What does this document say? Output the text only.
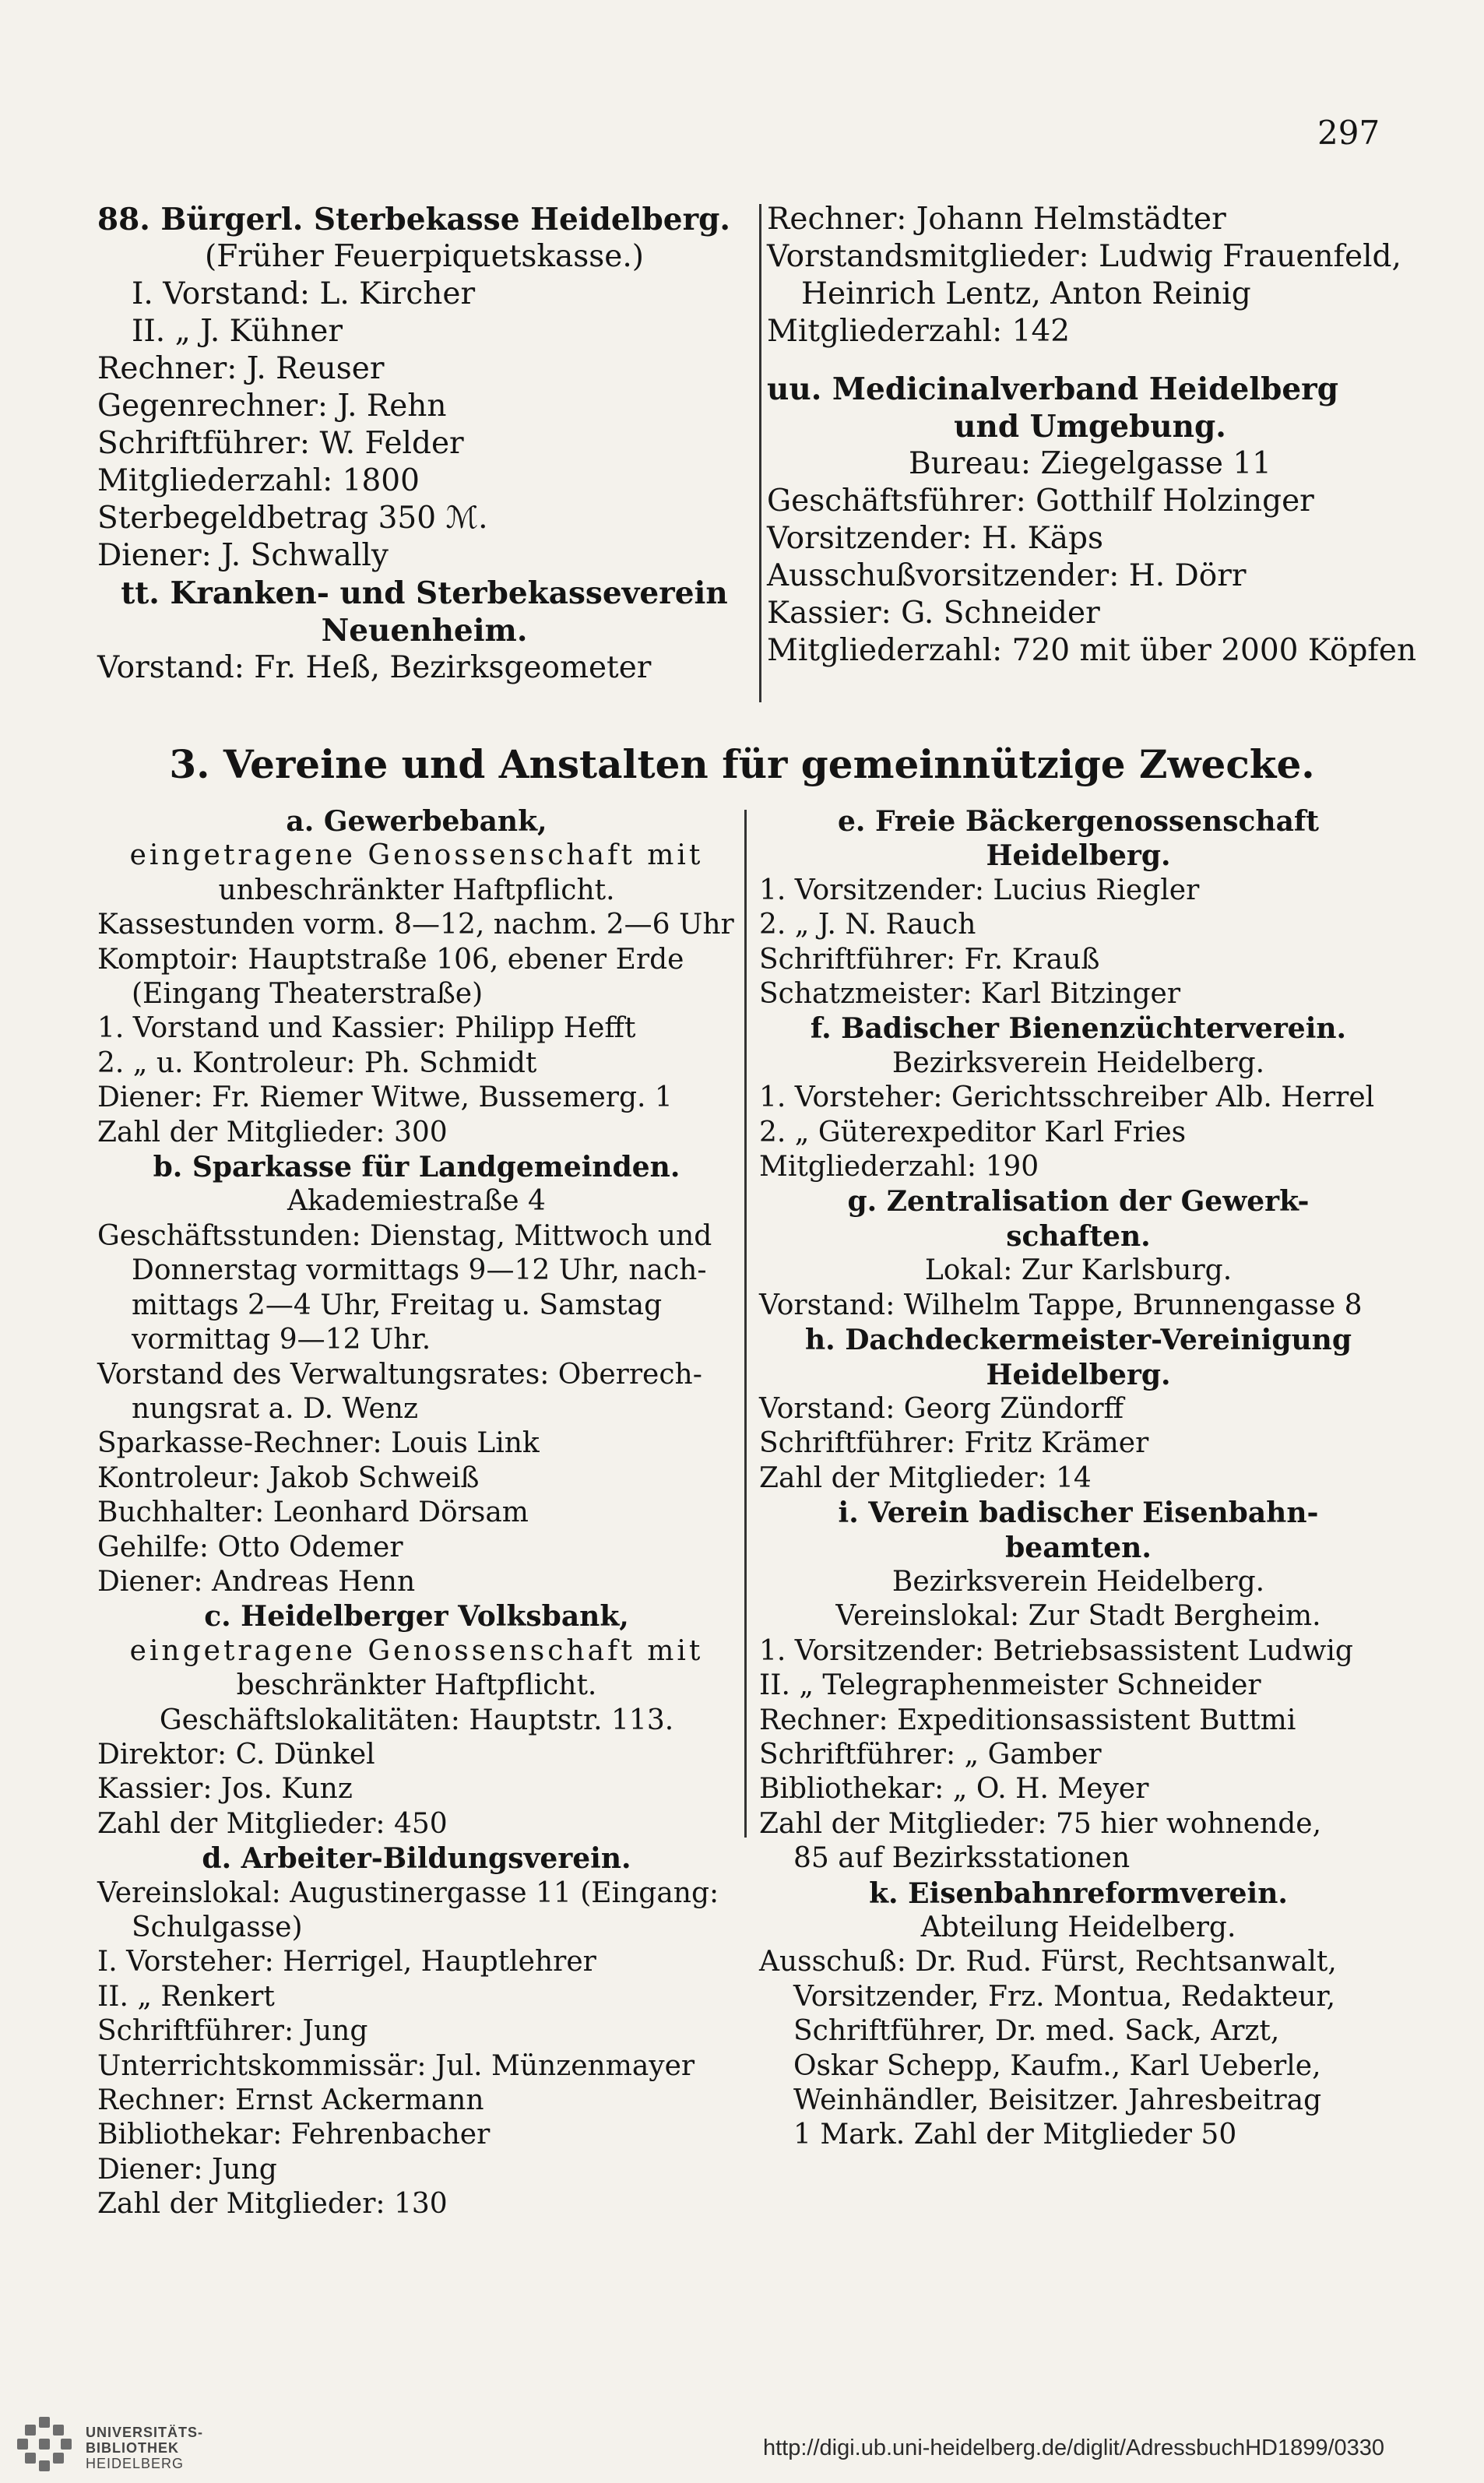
297

88. Bürgerl. Sterbekasse Heidelberg.

(Früher Feuerpiquetskasse.)

I. Vorstand: L. Kircher

II. „ J. Kühner

Rechner: J. Reuser

Gegenrechner: J. Rehn

Schriftführer: W. Felder

Mitgliederzahl: 1800

Sterbegeldbetrag 350 ℳ.

Diener: J. Schwally

tt. Kranken- und Sterbekasseverein

Neuenheim.

Vorstand: Fr. Heß, Bezirksgeometer

Rechner: Johann Helmstädter

Vorstandsmitglieder: Ludwig Frauenfeld,

Heinrich Lentz, Anton Reinig

Mitgliederzahl: 142

uu. Medicinalverband Heidelberg

und Umgebung.

Bureau: Ziegelgasse 11

Geschäftsführer: Gotthilf Holzinger

Vorsitzender: H. Käps

Ausschußvorsitzender: H. Dörr

Kassier: G. Schneider

Mitgliederzahl: 720 mit über 2000 Köpfen

3. Vereine und Anstalten für gemeinnützige Zwecke.

a. Gewerbebank,

eingetragene Genossenschaft mit

unbeschränkter Haftpflicht.

Kassestunden vorm. 8—12, nachm. 2—6 Uhr

Komptoir: Hauptstraße 106, ebener Erde

(Eingang Theaterstraße)

1. Vorstand und Kassier: Philipp Hefft

2. „ u. Kontroleur: Ph. Schmidt

Diener: Fr. Riemer Witwe, Bussemerg. 1

Zahl der Mitglieder: 300

b. Sparkasse für Landgemeinden.

Akademiestraße 4

Geschäftsstunden: Dienstag, Mittwoch und

Donnerstag vormittags 9—12 Uhr, nach-

mittags 2—4 Uhr, Freitag u. Samstag

vormittag 9—12 Uhr.

Vorstand des Verwaltungsrates: Oberrech-

nungsrat a. D. Wenz

Sparkasse-Rechner: Louis Link

Kontroleur: Jakob Schweiß

Buchhalter: Leonhard Dörsam

Gehilfe: Otto Odemer

Diener: Andreas Henn

c. Heidelberger Volksbank,

eingetragene Genossenschaft mit

beschränkter Haftpflicht.

Geschäftslokalitäten: Hauptstr. 113.

Direktor: C. Dünkel

Kassier: Jos. Kunz

Zahl der Mitglieder: 450

d. Arbeiter-Bildungsverein.

Vereinslokal: Augustinergasse 11 (Eingang:

Schulgasse)

I. Vorsteher: Herrigel, Hauptlehrer

II. „ Renkert

Schriftführer: Jung

Unterrichtskommissär: Jul. Münzenmayer

Rechner: Ernst Ackermann

Bibliothekar: Fehrenbacher

Diener: Jung

Zahl der Mitglieder: 130

e. Freie Bäckergenossenschaft

Heidelberg.

1. Vorsitzender: Lucius Riegler

2. „ J. N. Rauch

Schriftführer: Fr. Krauß

Schatzmeister: Karl Bitzinger

f. Badischer Bienenzüchterverein.

Bezirksverein Heidelberg.

1. Vorsteher: Gerichtsschreiber Alb. Herrel

2. „ Güterexpeditor Karl Fries

Mitgliederzahl: 190

g. Zentralisation der Gewerk-

schaften.

Lokal: Zur Karlsburg.

Vorstand: Wilhelm Tappe, Brunnengasse 8

h. Dachdeckermeister-Vereinigung

Heidelberg.

Vorstand: Georg Zündorff

Schriftführer: Fritz Krämer

Zahl der Mitglieder: 14

i. Verein badischer Eisenbahn-

beamten.

Bezirksverein Heidelberg.

Vereinslokal: Zur Stadt Bergheim.

1. Vorsitzender: Betriebsassistent Ludwig

II. „ Telegraphenmeister Schneider

Rechner: Expeditionsassistent Buttmi

Schriftführer: „ Gamber

Bibliothekar: „ O. H. Meyer

Zahl der Mitglieder: 75 hier wohnende,

85 auf Bezirksstationen

k. Eisenbahnreformverein.

Abteilung Heidelberg.

Ausschuß: Dr. Rud. Fürst, Rechtsanwalt,

Vorsitzender, Frz. Montua, Redakteur,

Schriftführer, Dr. med. Sack, Arzt,

Oskar Schepp, Kaufm., Karl Ueberle,

Weinhändler, Beisitzer. Jahresbeitrag

1 Mark. Zahl der Mitglieder 50

UNIVERSITÄTS-
BIBLIOTHEK
HEIDELBERG
http://digi.ub.uni-heidelberg.de/diglit/AdressbuchHD1899/0330
